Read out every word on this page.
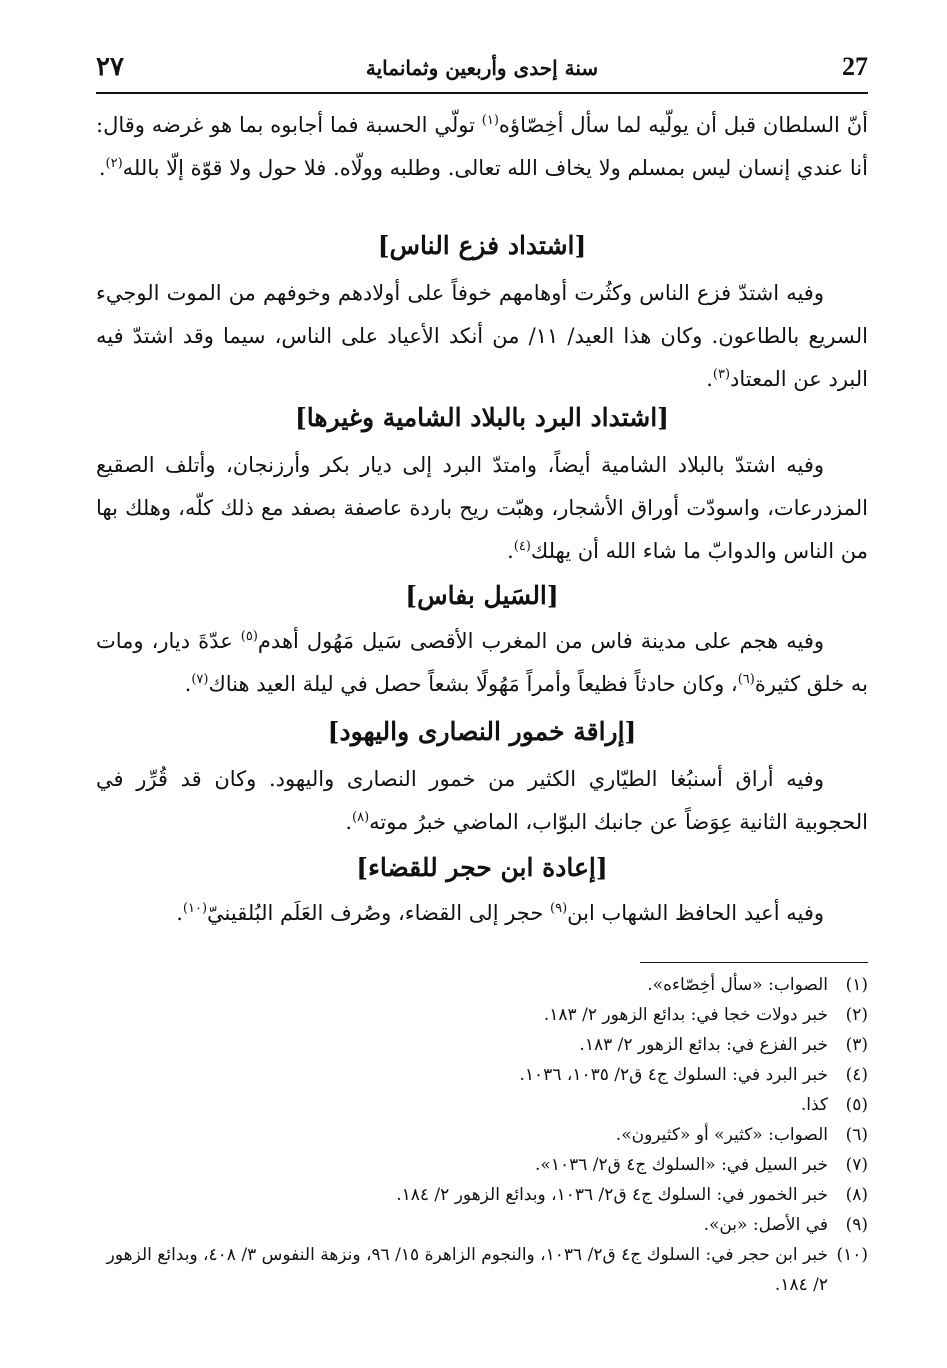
٢٧	سنة إحدى وأربعين وثمانماية	27
أنّ السلطان قبل أن يولّيه لما سأل أخِصّاؤه$^{(١)}$ تولّي الحسبة فما أجابوه بما هو غرضه وقال: أنا عندي إنسان ليس بمسلم ولا يخاف الله تعالى. وطلبه وولّاه. فلا حول ولا قوّة إلّا بالله$^{(٢)}$.
[اشتداد فزع الناس]
وفيه اشتدّ فزع الناس وكثُرت أوهامهم خوفاً على أولادهم وخوفهم من الموت الوجيء السريع بالطاعون. وكان هذا العيد/ ١١/ من أنكد الأعياد على الناس، سيما وقد اشتدّ فيه البرد عن المعتاد$^{(٣)}$.
[اشتداد البرد بالبلاد الشامية وغيرها]
وفيه اشتدّ بالبلاد الشامية أيضاً، وامتدّ البرد إلى ديار بكر وأرزنجان، وأتلف الصقيع المزدرعات، واسودّت أوراق الأشجار، وهبّت ريح باردة عاصفة بصفد مع ذلك كلّه، وهلك بها من الناس والدوابّ ما شاء الله أن يهلك$^{(٤)}$.
[السَيل بفاس]
وفيه هجم على مدينة فاس من المغرب الأقصى سَيل مَهُول أهدم$^{(٥)}$ عدّةَ ديار، ومات به خلق كثيرة$^{(٦)}$، وكان حادثاً فظيعاً وأمراً مَهُولًا بشعاً حصل في ليلة العيد هناك$^{(٧)}$.
[إراقة خمور النصارى واليهود]
وفيه أراق أسنبُغا الطيّاري الكثير من خمور النصارى واليهود. وكان قد قُرِّر في الحجوبية الثانية عِوَضاً عن جانبك البوّاب، الماضي خبرُ موته$^{(٨)}$.
[إعادة ابن حجر للقضاء]
وفيه أعيد الحافظ الشهاب ابن$^{(٩)}$ حجر إلى القضاء، وصُرف العَلَم البُلقينيّ$^{(١٠)}$.
(١)
الصواب: «سأل أخِصّاءه».
(٢)
خبر دولات خجا في: بدائع الزهور ٢/ ١٨٣.
(٣)
خبر الفزع في: بدائع الزهور ٢/ ١٨٣.
(٤)
خبر البرد في: السلوك ج٤ ق٢/ ١٠٣٥، ١٠٣٦.
(٥)
كذا.
(٦)
الصواب: «كثير» أو «كثيرون».
(٧)
خبر السيل في: «السلوك ج٤ ق٢/ ١٠٣٦».
(٨)
خبر الخمور في: السلوك ج٤ ق٢/ ١٠٣٦، وبدائع الزهور ٢/ ١٨٤.
(٩)
في الأصل: «بن».
(١٠)
خبر ابن حجر في: السلوك ج٤ ق٢/ ١٠٣٦، والنجوم الزاهرة ١٥/ ٩٦، ونزهة النفوس ٣/ ٤٠٨، وبدائع الزهور ٢/ ١٨٤.
